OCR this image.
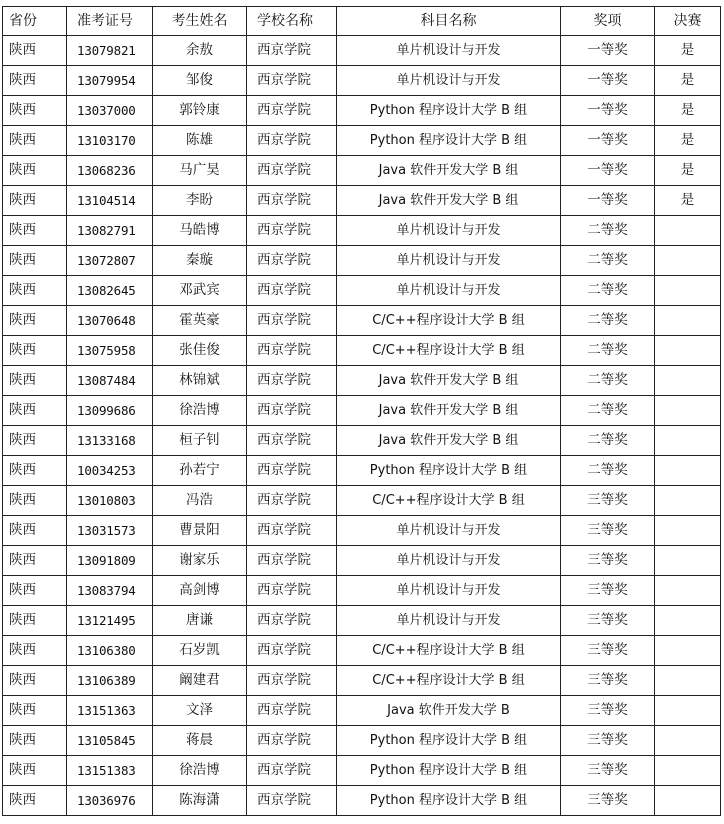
省份	准考证号	考生姓名	学校名称	科目名称	奖项	决赛
陕西	13079821	余敖	西京学院	单片机设计与开发	一等奖	是
陕西	13079954	邹俊	西京学院	单片机设计与开发	一等奖	是
陕西	13037000	郭铃康	西京学院	Python 程序设计大学 B 组	一等奖	是
陕西	13103170	陈雄	西京学院	Python 程序设计大学 B 组	一等奖	是
陕西	13068236	马广昊	西京学院	Java 软件开发大学 B 组	一等奖	是
陕西	13104514	李盼	西京学院	Java 软件开发大学 B 组	一等奖	是
陕西	13082791	马皓博	西京学院	单片机设计与开发	二等奖	
陕西	13072807	秦璇	西京学院	单片机设计与开发	二等奖	
陕西	13082645	邓武宾	西京学院	单片机设计与开发	二等奖	
陕西	13070648	霍英豪	西京学院	C/C++程序设计大学 B 组	二等奖	
陕西	13075958	张佳俊	西京学院	C/C++程序设计大学 B 组	二等奖	
陕西	13087484	林锦斌	西京学院	Java 软件开发大学 B 组	二等奖	
陕西	13099686	徐浩博	西京学院	Java 软件开发大学 B 组	二等奖	
陕西	13133168	桓子钊	西京学院	Java 软件开发大学 B 组	二等奖	
陕西	10034253	孙若宁	西京学院	Python 程序设计大学 B 组	二等奖	
陕西	13010803	冯浩	西京学院	C/C++程序设计大学 B 组	三等奖	
陕西	13031573	曹景阳	西京学院	单片机设计与开发	三等奖	
陕西	13091809	谢家乐	西京学院	单片机设计与开发	三等奖	
陕西	13083794	高剑博	西京学院	单片机设计与开发	三等奖	
陕西	13121495	唐谦	西京学院	单片机设计与开发	三等奖	
陕西	13106380	石岁凯	西京学院	C/C++程序设计大学 B 组	三等奖	
陕西	13106389	阚建君	西京学院	C/C++程序设计大学 B 组	三等奖	
陕西	13151363	文泽	西京学院	Java 软件开发大学 B	三等奖	
陕西	13105845	蒋晨	西京学院	Python 程序设计大学 B 组	三等奖	
陕西	13151383	徐浩博	西京学院	Python 程序设计大学 B 组	三等奖	
陕西	13036976	陈海潇	西京学院	Python 程序设计大学 B 组	三等奖	
